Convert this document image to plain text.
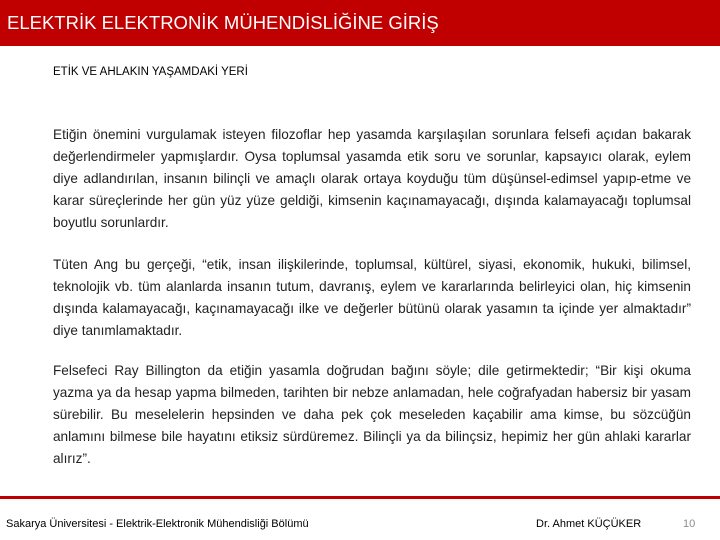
ELEKTRİK ELEKTRONİK MÜHENDİSLİĞİNE GİRİŞ
ETİK VE AHLAKIN YAŞAMDAKİ YERİ

Etiğin önemini vurgulamak isteyen filozoflar hep yasamda karşılaşılan sorunlara felsefi açıdan bakarak değerlendirmeler yapmışlardır. Oysa toplumsal yasamda etik soru ve sorunlar, kapsayıcı olarak, eylem diye adlandırılan, insanın bilinçli ve amaçlı olarak ortaya koyduğu tüm düşünsel-edimsel yapıp-etme ve karar süreçlerinde her gün yüz yüze geldiği, kimsenin kaçınamayacağı, dışında kalamayacağı toplumsal boyutlu sorunlardır.

Tüten Ang bu gerçeği, “etik, insan ilişkilerinde, toplumsal, kültürel, siyasi, ekonomik, hukuki, bilimsel, teknolojik vb. tüm alanlarda insanın tutum, davranış, eylem ve kararlarında belirleyici olan, hiç kimsenin dışında kalamayacağı, kaçınamayacağı ilke ve değerler bütünü olarak yasamın ta içinde yer almaktadır” diye tanımlamaktadır.

Felsefeci Ray Billington da etiğin yasamla doğrudan bağını söyle; dile getirmektedir; “Bir kişi okuma yazma ya da hesap yapma bilmeden, tarihten bir nebze anlamadan, hele coğrafyadan habersiz bir yasam sürebilir. Bu meselelerin hepsinden ve daha pek çok meseleden kaçabilir ama kimse, bu sözcüğün anlamını bilmese bile hayatını etiksiz sürdüremez. Bilinçli ya da bilinçsiz, hepimiz her gün ahlaki kararlar alırız”.

Sakarya Üniversitesi - Elektrik-Elektronik Mühendisliği Bölümü	Dr. Ahmet KÜÇÜKER	10
